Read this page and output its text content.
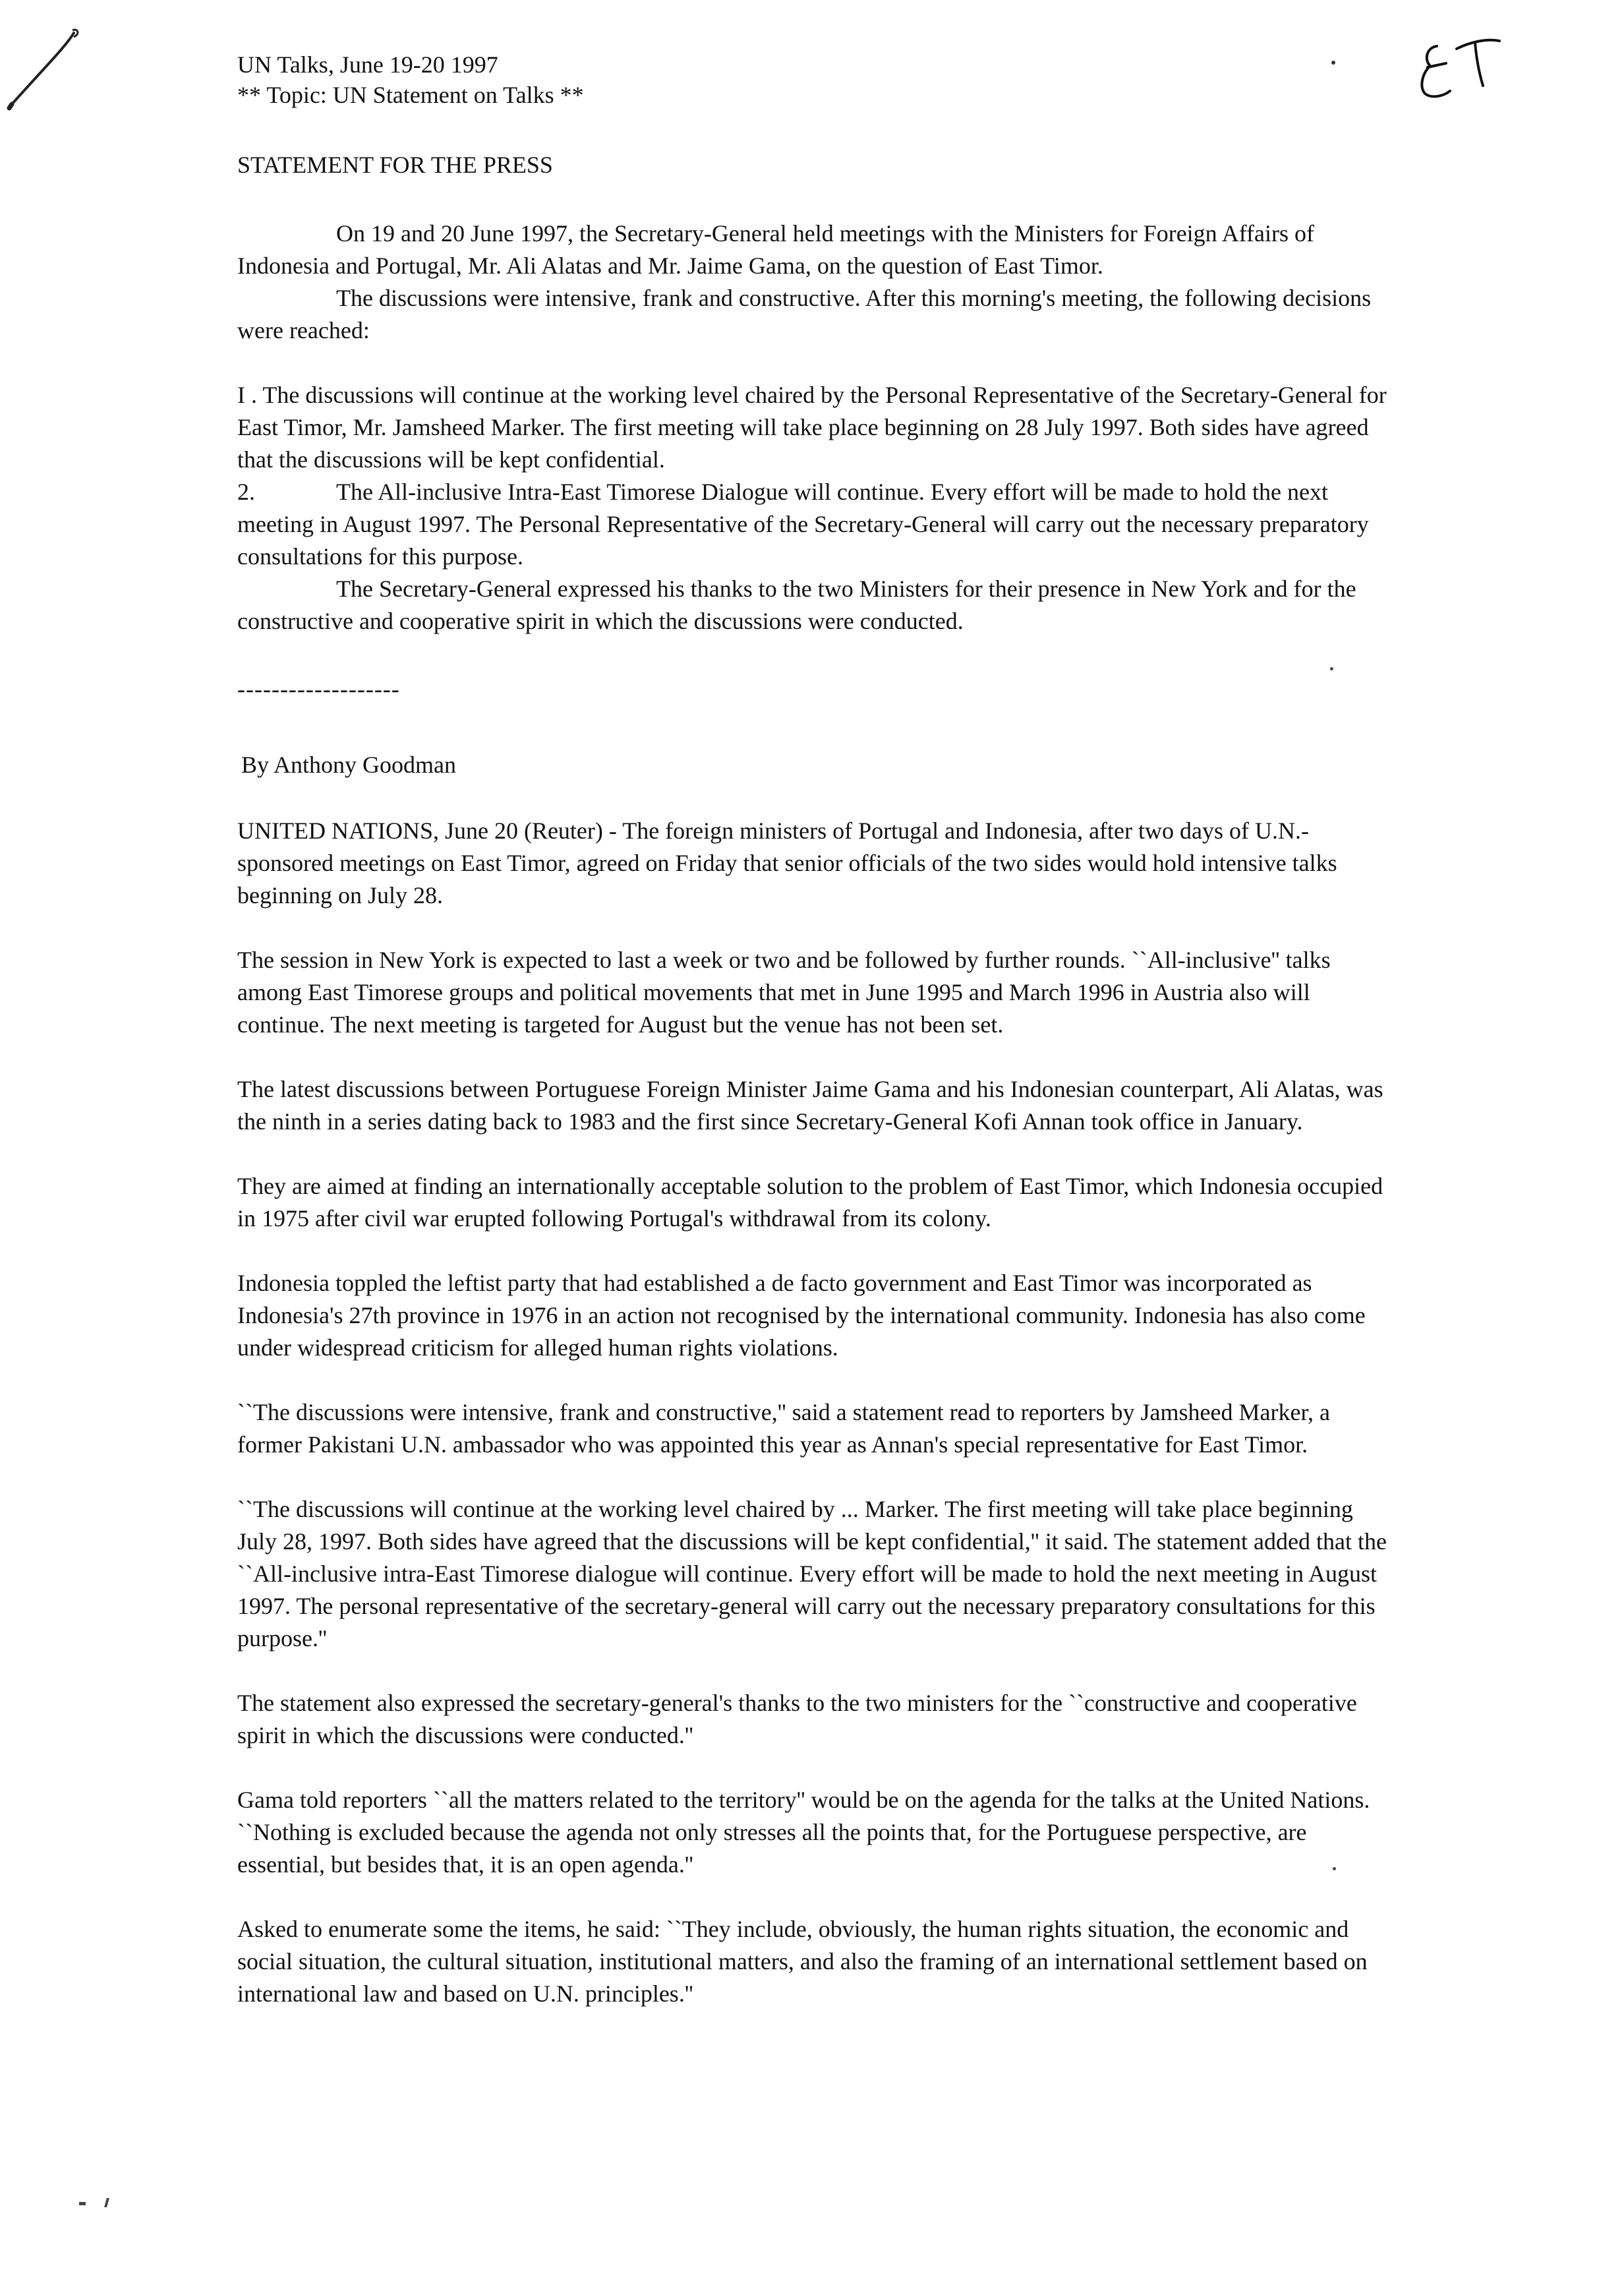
UN Talks, June 19-20 1997
** Topic: UN Statement on Talks **
STATEMENT FOR THE PRESS

On 19 and 20 June 1997, the Secretary-General held meetings with the Ministers for Foreign Affairs of Indonesia and Portugal, Mr. Ali Alatas and Mr. Jaime Gama, on the question of East Timor.

The discussions were intensive, frank and constructive. After this morning's meeting, the following decisions were reached:

I . The discussions will continue at the working level chaired by the Personal Representative of the Secretary-General for East Timor, Mr. Jamsheed Marker. The first meeting will take place beginning on 28 July 1997. Both sides have agreed that the discussions will be kept confidential.

2.	The All-inclusive Intra-East Timorese Dialogue will continue. Every effort will be made to hold the next meeting in August 1997. The Personal Representative of the Secretary-General will carry out the necessary preparatory consultations for this purpose.

The Secretary-General expressed his thanks to the two Ministers for their presence in New York and for the constructive and cooperative spirit in which the discussions were conducted.

-------------------
By Anthony Goodman

UNITED NATIONS, June 20 (Reuter) - The foreign ministers of Portugal and Indonesia, after two days of U.N.-sponsored meetings on East Timor, agreed on Friday that senior officials of the two sides would hold intensive talks beginning on July 28.

The session in New York is expected to last a week or two and be followed by further rounds. ``All-inclusive'' talks among East Timorese groups and political movements that met in June 1995 and March 1996 in Austria also will continue. The next meeting is targeted for August but the venue has not been set.

The latest discussions between Portuguese Foreign Minister Jaime Gama and his Indonesian counterpart, Ali Alatas, was the ninth in a series dating back to 1983 and the first since Secretary-General Kofi Annan took office in January.

They are aimed at finding an internationally acceptable solution to the problem of East Timor, which Indonesia occupied in 1975 after civil war erupted following Portugal's withdrawal from its colony.

Indonesia toppled the leftist party that had established a de facto government and East Timor was incorporated as Indonesia's 27th province in 1976 in an action not recognised by the international community. Indonesia has also come under widespread criticism for alleged human rights violations.

``The discussions were intensive, frank and constructive,'' said a statement read to reporters by Jamsheed Marker, a former Pakistani U.N. ambassador who was appointed this year as Annan's special representative for East Timor.

``The discussions will continue at the working level chaired by ... Marker. The first meeting will take place beginning July 28, 1997. Both sides have agreed that the discussions will be kept confidential,'' it said. The statement added that the ``All-inclusive intra-East Timorese dialogue will continue. Every effort will be made to hold the next meeting in August 1997. The personal representative of the secretary-general will carry out the necessary preparatory consultations for this purpose.''

The statement also expressed the secretary-general's thanks to the two ministers for the ``constructive and cooperative spirit in which the discussions were conducted.''

Gama told reporters ``all the matters related to the territory'' would be on the agenda for the talks at the United Nations. ``Nothing is excluded because the agenda not only stresses all the points that, for the Portuguese perspective, are essential, but besides that, it is an open agenda.''

Asked to enumerate some the items, he said: ``They include, obviously, the human rights situation, the economic and social situation, the cultural situation, institutional matters, and also the framing of an international settlement based on international law and based on U.N. principles.''
